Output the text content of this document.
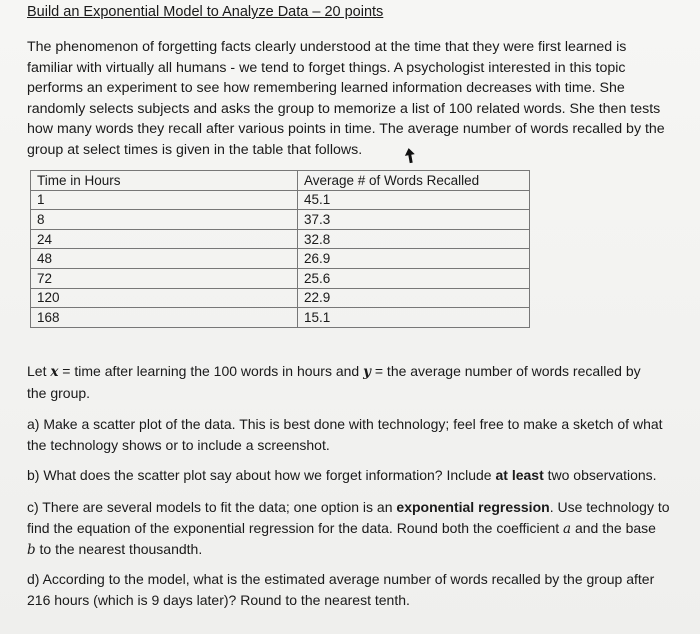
Build an Exponential Model to Analyze Data – 20 points
The phenomenon of forgetting facts clearly understood at the time that they were first learned is
familiar with virtually all humans - we tend to forget things. A psychologist interested in this topic
performs an experiment to see how remembering learned information decreases with time. She
randomly selects subjects and asks the group to memorize a list of 100 related words. She then tests
how many words they recall after various points in time. The average number of words recalled by the
group at select times is given in the table that follows.
Time in Hours	Average # of Words Recalled
1	45.1
8	37.3
24	32.8
48	26.9
72	25.6
120	22.9
168	15.1
Let x = time after learning the 100 words in hours and y = the average number of words recalled by
the group.
a) Make a scatter plot of the data. This is best done with technology; feel free to make a sketch of what
the technology shows or to include a screenshot.
b) What does the scatter plot say about how we forget information? Include at least two observations.
c) There are several models to fit the data; one option is an exponential regression. Use technology to
find the equation of the exponential regression for the data. Round both the coefficient a and the base
b to the nearest thousandth.
d) According to the model, what is the estimated average number of words recalled by the group after
216 hours (which is 9 days later)? Round to the nearest tenth.
